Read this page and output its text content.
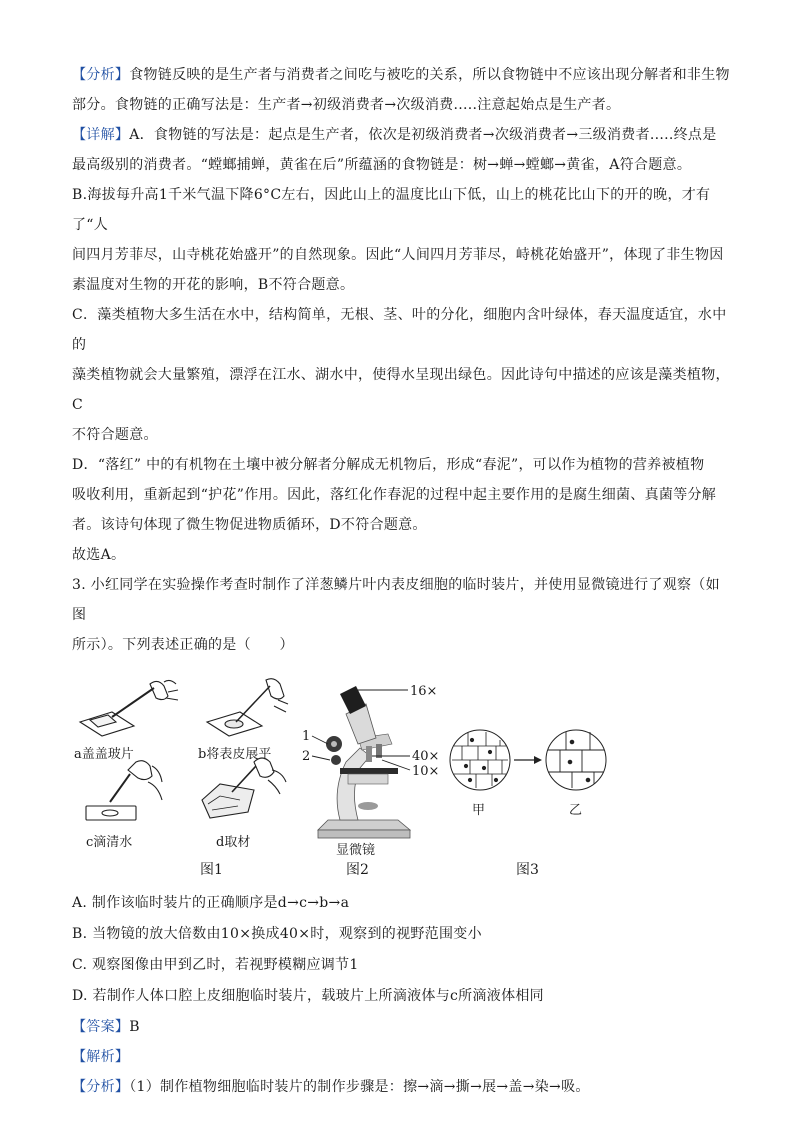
【分析】食物链反映的是生产者与消费者之间吃与被吃的关系，所以食物链中不应该出现分解者和非生物

部分。食物链的正确写法是：生产者→初级消费者→次级消费.....注意起始点是生产者。

【详解】A．食物链的写法是：起点是生产者，依次是初级消费者→次级消费者→三级消费者.....终点是

最高级别的消费者。“螳螂捕蝉，黄雀在后”所蕴涵的食物链是：树→蝉→螳螂→黄雀，A符合题意。

B.海拔每升高1千米气温下降6°C左右，因此山上的温度比山下低，山上的桃花比山下的开的晚，才有了“人

间四月芳菲尽，山寺桃花始盛开”的自然现象。因此“人间四月芳菲尽，峙桃花始盛开”，体现了非生物因

素温度对生物的开花的影响，B不符合题意。

C．藻类植物大多生活在水中，结构简单，无根、茎、叶的分化，细胞内含叶绿体，春天温度适宜，水中的

藻类植物就会大量繁殖，漂浮在江水、湖水中，使得水呈现出绿色。因此诗句中描述的应该是藻类植物，C

不符合题意。

D．“落红” 中的有机物在土壤中被分解者分解成无机物后，形成“春泥”，可以作为植物的营养被植物

吸收利用，重新起到“护花”作用。因此，落红化作春泥的过程中起主要作用的是腐生细菌、真菌等分解

者。该诗句体现了微生物促进物质循环，D不符合题意。

故选A。

3. 小红同学在实验操作考查时制作了洋葱鳞片叶内表皮细胞的临时装片，并使用显微镜进行了观察（如图

所示）。下列表述正确的是（　　）

a盖盖玻片	b将表皮展平
c滴清水	d取材
图1
16×
1
2	40×
10×
显微镜
图2
甲	乙
图3

A. 制作该临时装片的正确顺序是d→c→b→a

B. 当物镜的放大倍数由10×换成40×时，观察到的视野范围变小

C. 观察图像由甲到乙时，若视野模糊应调节1

D. 若制作人体口腔上皮细胞临时装片，载玻片上所滴液体与c所滴液体相同

【答案】B

【解析】

【分析】（1）制作植物细胞临时装片的制作步骤是：擦→滴→撕→展→盖→染→吸。
